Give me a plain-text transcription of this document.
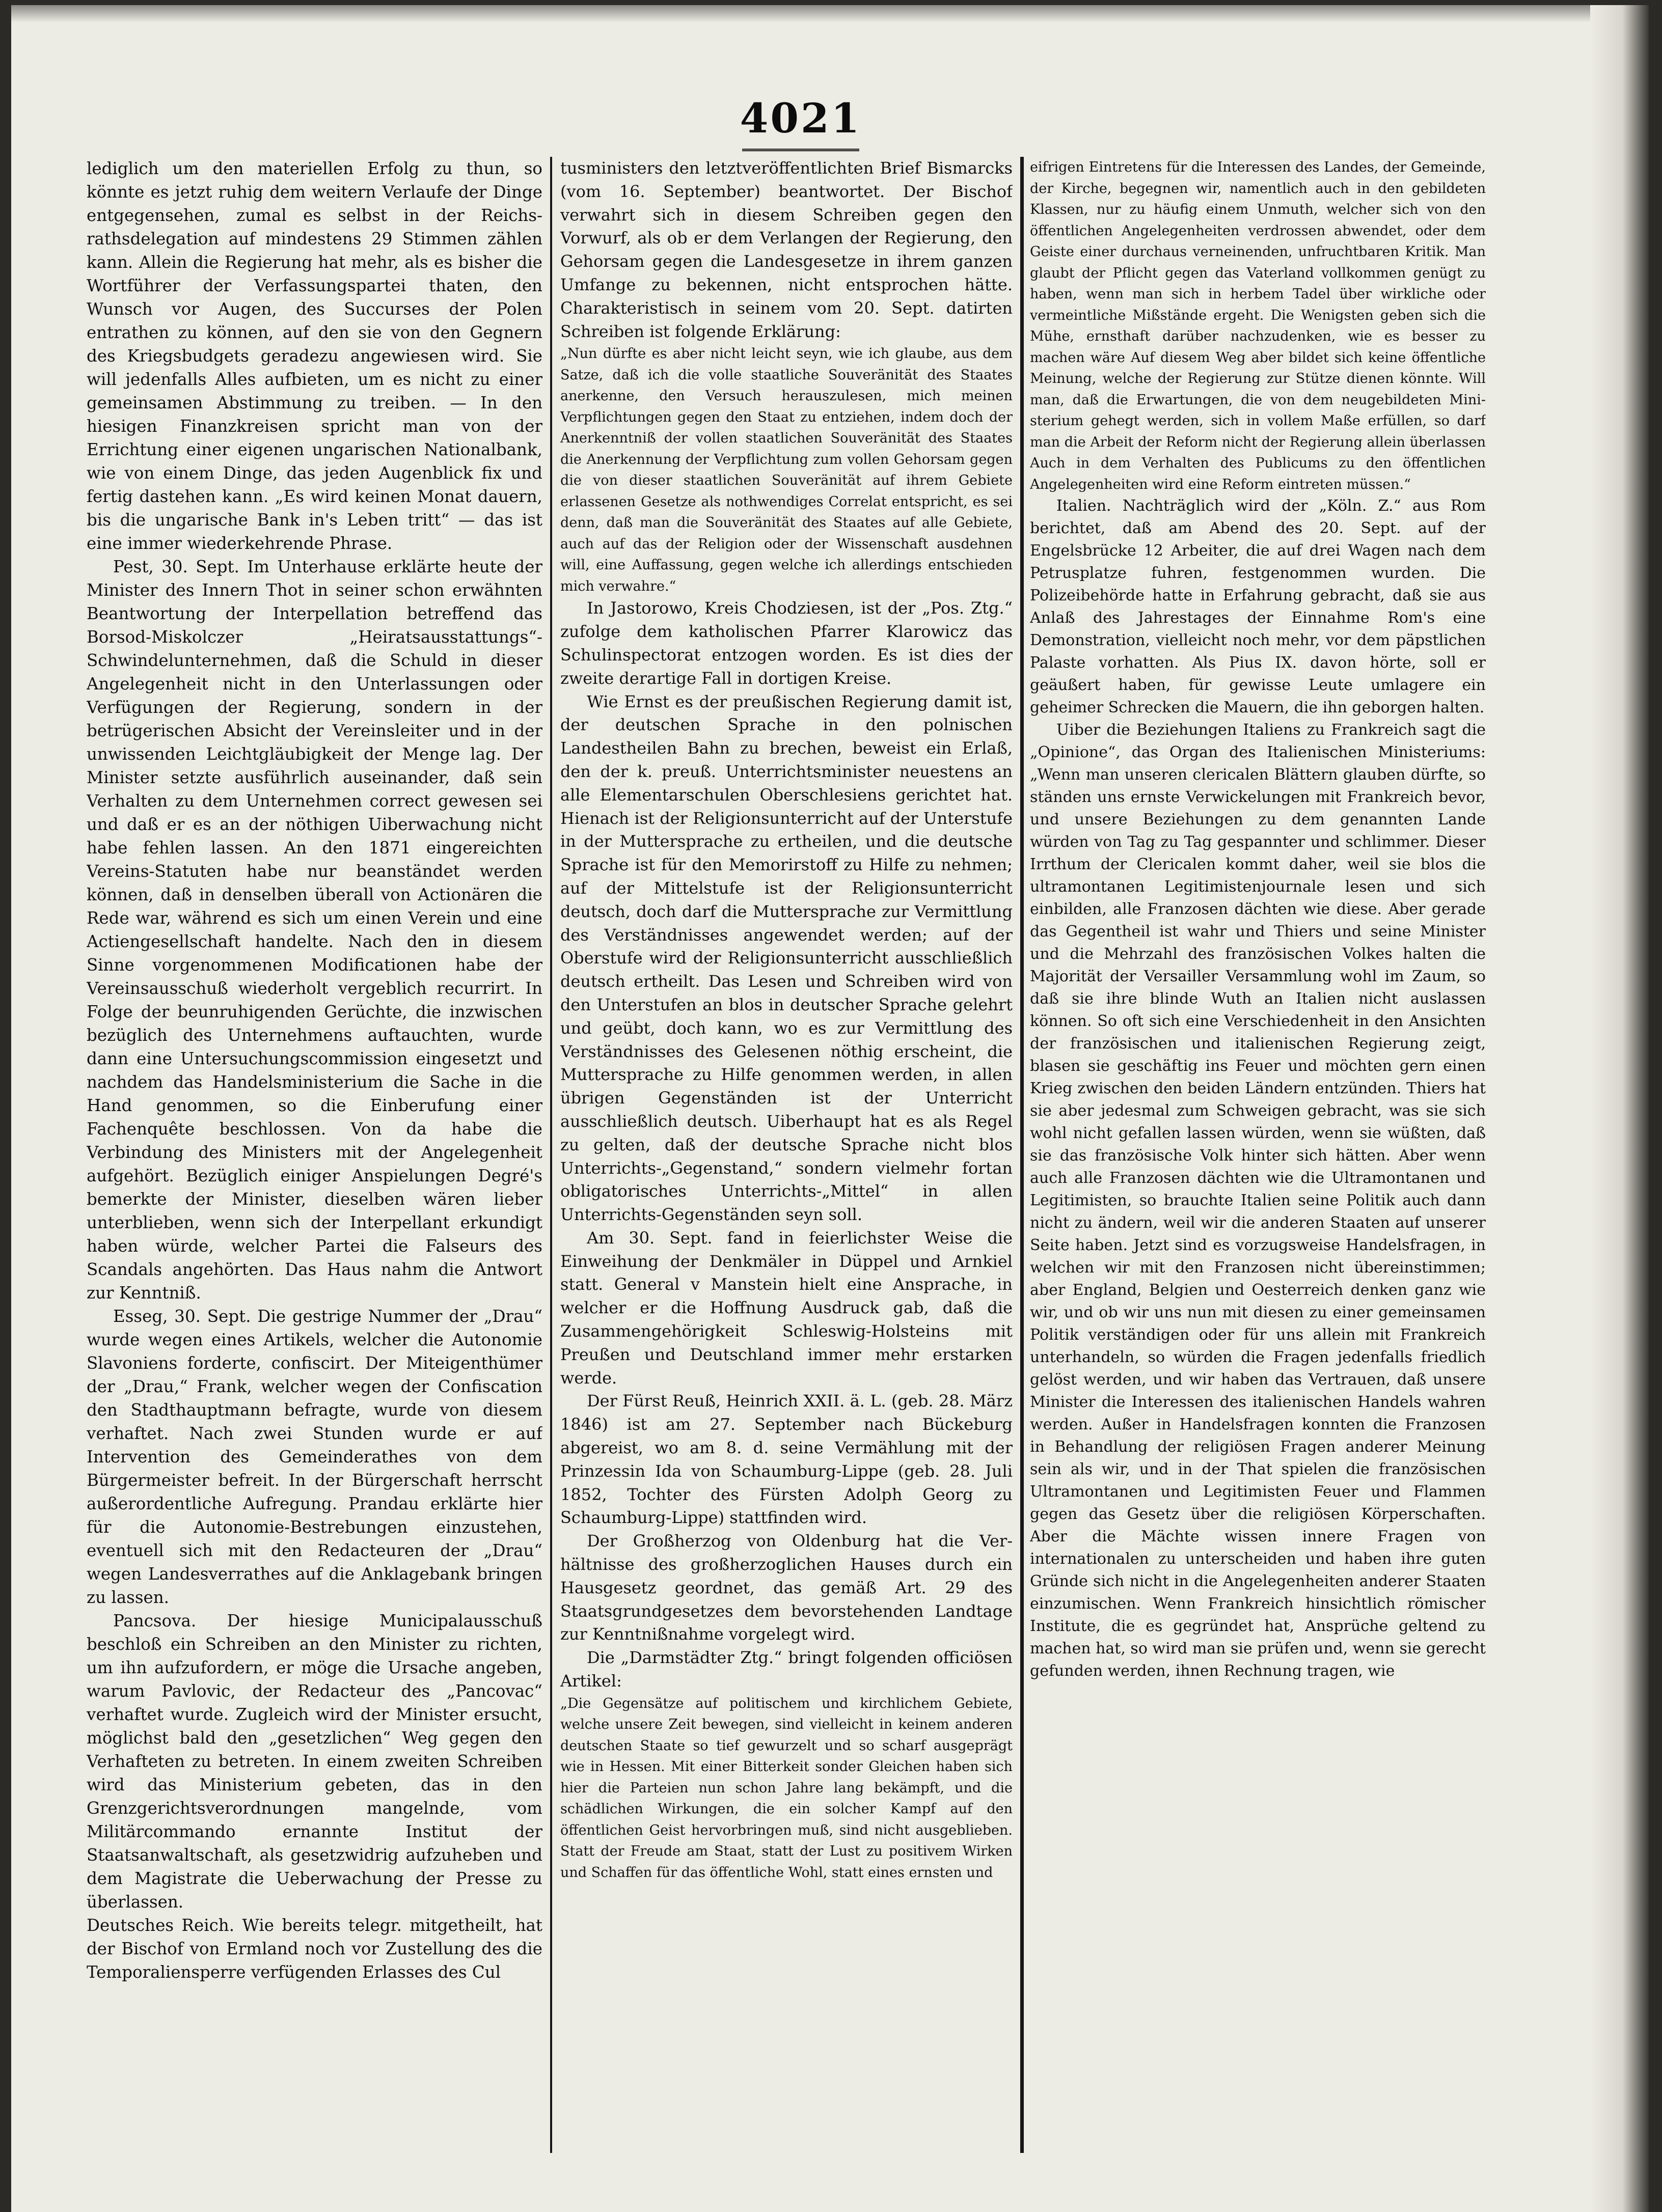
4021

lediglich um den materiellen Erfolg zu thun, so könnte es jetzt ruhig dem weitern Verlaufe der Dinge entgegensehen, zumal es selbst in der Reichsrathsdelegation auf mindestens 29 Stimmen zählen kann. Allein die Regierung hat mehr, als es bisher die Wortführer der Verfassungspartei thaten, den Wunsch vor Augen, des Succurses der Polen entrathen zu können, auf den sie von den Gegnern des Kriegsbudgets geradezu angewiesen wird. Sie will jedenfalls Alles aufbieten, um es nicht zu einer gemeinsamen Abstimmung zu treiben. — In den hiesigen Finanzkreisen spricht man von der Errichtung einer eigenen ungarischen Nationalbank, wie von einem Dinge, das jeden Augenblick fix und fertig dastehen kann. „Es wird keinen Monat dauern, bis die ungarische Bank in's Leben tritt“ — das ist eine immer wiederkehrende Phrase.

Pest, 30. Sept. Im Unterhause erklärte heute der Minister des Innern Thot in seiner schon erwähnten Beantwortung der Interpellation betreffend das Borsod-Miskolczer „Heiratsausstattungs“-Schwindelunternehmen, daß die Schuld in dieser Angelegenheit nicht in den Unterlassungen oder Verfügungen der Regierung, sondern in der betrügerischen Absicht der Vereinsleiter und in der unwissenden Leichtgläubigkeit der Menge lag. Der Minister setzte ausführlich auseinander, daß sein Verhalten zu dem Unternehmen correct gewesen sei und daß er es an der nöthigen Uiberwachung nicht habe fehlen lassen. An den 1871 eingereichten Vereins-Statuten habe nur beanständet werden können, daß in denselben überall von Actionären die Rede war, während es sich um einen Verein und eine Actiengesellschaft handelte. Nach den in diesem Sinne vorgenommenen Modificationen habe der Vereinsausschuß wiederholt vergeblich recurrirt. In Folge der beunruhigenden Gerüchte, die inzwischen bezüglich des Unternehmens auftauchten, wurde dann eine Untersuchungscommission eingesetzt und nachdem das Handelsministerium die Sache in die Hand genommen, so die Einberufung einer Fachenquête beschlossen. Von da habe die Verbindung des Ministers mit der Angelegenheit aufgehört. Bezüglich einiger Anspielungen Degré's bemerkte der Minister, dieselben wären lieber unterblieben, wenn sich der Interpellant erkundigt haben würde, welcher Partei die Falseurs des Scandals angehörten. Das Haus nahm die Antwort zur Kenntniß.

Esseg, 30. Sept. Die gestrige Nummer der „Drau“ wurde wegen eines Artikels, welcher die Autonomie Slavoniens forderte, confiscirt. Der Miteigenthümer der „Drau,“ Frank, welcher wegen der Confiscation den Stadthauptmann befragte, wurde von diesem verhaftet. Nach zwei Stunden wurde er auf Intervention des Gemeinderathes von dem Bürgermeister befreit. In der Bürgerschaft herrscht außerordentliche Aufregung. Prandau erklärte hier für die Autonomie-Bestrebungen einzustehen, eventuell sich mit den Redacteuren der „Drau“ wegen Landesverrathes auf die Anklagebank bringen zu lassen.

Pancsova. Der hiesige Municipalausschuß beschloß ein Schreiben an den Minister zu richten, um ihn aufzufordern, er möge die Ursache angeben, warum Pavlovic, der Redacteur des „Pancovac“ verhaftet wurde. Zugleich wird der Minister ersucht, möglichst bald den „gesetzlichen“ Weg gegen den Verhafteten zu betreten. In einem zweiten Schreiben wird das Ministerium gebeten, das in den Grenzgerichtsverordnungen mangelnde, vom Militärcommando ernannte Institut der Staatsanwaltschaft, als gesetzwidrig aufzuheben und dem Magistrate die Ueberwachung der Presse zu überlassen.

Deutsches Reich. Wie bereits telegr. mitgetheilt, hat der Bischof von Ermland noch vor Zustellung des die Temporaliensperre verfügenden Erlasses des Cul

tusministers den letztveröffentlichten Brief Bismarcks (vom 16. September) beantwortet. Der Bischof verwahrt sich in diesem Schreiben gegen den Vorwurf, als ob er dem Verlangen der Regierung, den Gehorsam gegen die Landesgesetze in ihrem ganzen Umfange zu bekennen, nicht entsprochen hätte. Charakteristisch in seinem vom 20. Sept. datirten Schreiben ist folgende Erklärung:

„Nun dürfte es aber nicht leicht seyn, wie ich glaube, aus dem Satze, daß ich die volle staatliche Souveränität des Staates anerkenne, den Versuch herauszulesen, mich meinen Verpflichtungen gegen den Staat zu entziehen, indem doch der Anerkenntniß der vollen staatlichen Souveränität des Staates die Anerkennung der Verpflichtung zum vollen Gehorsam gegen die von dieser staatlichen Souveränität auf ihrem Gebiete erlassenen Gesetze als nothwendiges Correlat entspricht, es sei denn, daß man die Souveränität des Staates auf alle Gebiete, auch auf das der Religion oder der Wissenschaft ausdehnen will, eine Auffassung, gegen welche ich allerdings entschieden mich verwahre.“

In Jastorowo, Kreis Chodziesen, ist der „Pos. Ztg.“ zufolge dem katholischen Pfarrer Klarowicz das Schulinspectorat entzogen worden. Es ist dies der zweite derartige Fall in dortigen Kreise.

Wie Ernst es der preußischen Regierung damit ist, der deutschen Sprache in den polnischen Landestheilen Bahn zu brechen, beweist ein Erlaß, den der k. preuß. Unterrichtsminister neuestens an alle Elementarschulen Oberschlesiens gerichtet hat. Hienach ist der Religionsunterricht auf der Unterstufe in der Muttersprache zu ertheilen, und die deutsche Sprache ist für den Memorirstoff zu Hilfe zu nehmen; auf der Mittelstufe ist der Religionsunterricht deutsch, doch darf die Muttersprache zur Vermittlung des Verständnisses angewendet werden; auf der Oberstufe wird der Religionsunterricht ausschließlich deutsch ertheilt. Das Lesen und Schreiben wird von den Unterstufen an blos in deutscher Sprache gelehrt und geübt, doch kann, wo es zur Vermittlung des Verständnisses des Gelesenen nöthig erscheint, die Muttersprache zu Hilfe genommen werden, in allen übrigen Gegenständen ist der Unterricht ausschließlich deutsch. Uiberhaupt hat es als Regel zu gelten, daß der deutsche Sprache nicht blos Unterrichts-„Gegenstand,“ sondern vielmehr fortan obligatorisches Unterrichts-„Mittel“ in allen Unterrichts-Gegenständen seyn soll.

Am 30. Sept. fand in feierlichster Weise die Einweihung der Denkmäler in Düppel und Arnkiel statt. General v Manstein hielt eine Ansprache, in welcher er die Hoffnung Ausdruck gab, daß die Zusammengehörigkeit Schleswig-Holsteins mit Preußen und Deutschland immer mehr erstarken werde.

Der Fürst Reuß, Heinrich XXII. ä. L. (geb. 28. März 1846) ist am 27. September nach Bückeburg abgereist, wo am 8. d. seine Vermählung mit der Prinzessin Ida von Schaumburg-Lippe (geb. 28. Juli 1852, Tochter des Fürsten Adolph Georg zu Schaumburg-Lippe) stattfinden wird.

Der Großherzog von Oldenburg hat die Verhältnisse des großherzoglichen Hauses durch ein Hausgesetz geordnet, das gemäß Art. 29 des Staatsgrundgesetzes dem bevorstehenden Landtage zur Kenntnißnahme vorgelegt wird.

Die „Darmstädter Ztg.“ bringt folgenden officiösen Artikel:

„Die Gegensätze auf politischem und kirchlichem Gebiete, welche unsere Zeit bewegen, sind vielleicht in keinem anderen deutschen Staate so tief gewurzelt und so scharf ausgeprägt wie in Hessen. Mit einer Bitterkeit sonder Gleichen haben sich hier die Parteien nun schon Jahre lang bekämpft, und die schädlichen Wirkungen, die ein solcher Kampf auf den öffentlichen Geist hervorbringen muß, sind nicht ausgeblieben. Statt der Freude am Staat, statt der Lust zu positivem Wirken und Schaffen für das öffentliche Wohl, statt eines ernsten und

eifrigen Eintretens für die Interessen des Landes, der Gemeinde, der Kirche, begegnen wir, namentlich auch in den gebildeten Klassen, nur zu häufig einem Unmuth, welcher sich von den öffentlichen Angelegenheiten verdrossen abwendet, oder dem Geiste einer durchaus verneinenden, unfruchtbaren Kritik. Man glaubt der Pflicht gegen das Vaterland vollkommen genügt zu haben, wenn man sich in herbem Tadel über wirkliche oder vermeintliche Mißstände ergeht. Die Wenigsten geben sich die Mühe, ernsthaft darüber nachzudenken, wie es besser zu machen wäre Auf diesem Weg aber bildet sich keine öffentliche Meinung, welche der Regierung zur Stütze dienen könnte. Will man, daß die Erwartungen, die von dem neugebildeten Ministerium gehegt werden, sich in vollem Maße erfüllen, so darf man die Arbeit der Reform nicht der Regierung allein überlassen Auch in dem Verhalten des Publicums zu den öffentlichen Angelegenheiten wird eine Reform eintreten müssen.“

Italien. Nachträglich wird der „Köln. Z.“ aus Rom berichtet, daß am Abend des 20. Sept. auf der Engelsbrücke 12 Arbeiter, die auf drei Wagen nach dem Petrusplatze fuhren, festgenommen wurden. Die Polizeibehörde hatte in Erfahrung gebracht, daß sie aus Anlaß des Jahrestages der Einnahme Rom's eine Demonstration, vielleicht noch mehr, vor dem päpstlichen Palaste vorhatten. Als Pius IX. davon hörte, soll er geäußert haben, für gewisse Leute umlagere ein geheimer Schrecken die Mauern, die ihn geborgen halten.

Uiber die Beziehungen Italiens zu Frankreich sagt die „Opinione“, das Organ des Italienischen Ministeriums: „Wenn man unseren clericalen Blättern glauben dürfte, so ständen uns ernste Verwickelungen mit Frankreich bevor, und unsere Beziehungen zu dem genannten Lande würden von Tag zu Tag gespannter und schlimmer. Dieser Irrthum der Clericalen kommt daher, weil sie blos die ultramontanen Legitimistenjournale lesen und sich einbilden, alle Franzosen dächten wie diese. Aber gerade das Gegentheil ist wahr und Thiers und seine Minister und die Mehrzahl des französischen Volkes halten die Majorität der Versailler Versammlung wohl im Zaum, so daß sie ihre blinde Wuth an Italien nicht auslassen können. So oft sich eine Verschiedenheit in den Ansichten der französischen und italienischen Regierung zeigt, blasen sie geschäftig ins Feuer und möchten gern einen Krieg zwischen den beiden Ländern entzünden. Thiers hat sie aber jedesmal zum Schweigen gebracht, was sie sich wohl nicht gefallen lassen würden, wenn sie wüßten, daß sie das französische Volk hinter sich hätten. Aber wenn auch alle Franzosen dächten wie die Ultramontanen und Legitimisten, so brauchte Italien seine Politik auch dann nicht zu ändern, weil wir die anderen Staaten auf unserer Seite haben. Jetzt sind es vorzugsweise Handelsfragen, in welchen wir mit den Franzosen nicht übereinstimmen; aber England, Belgien und Oesterreich denken ganz wie wir, und ob wir uns nun mit diesen zu einer gemeinsamen Politik verständigen oder für uns allein mit Frankreich unterhandeln, so würden die Fragen jedenfalls friedlich gelöst werden, und wir haben das Vertrauen, daß unsere Minister die Interessen des italienischen Handels wahren werden. Außer in Handelsfragen konnten die Franzosen in Behandlung der religiösen Fragen anderer Meinung sein als wir, und in der That spielen die französischen Ultramontanen und Legitimisten Feuer und Flammen gegen das Gesetz über die religiösen Körperschaften. Aber die Mächte wissen innere Fragen von internationalen zu unterscheiden und haben ihre guten Gründe sich nicht in die Angelegenheiten anderer Staaten einzumischen. Wenn Frankreich hinsichtlich römischer Institute, die es gegründet hat, Ansprüche geltend zu machen hat, so wird man sie prüfen und, wenn sie gerecht gefunden werden, ihnen Rechnung tragen, wie
